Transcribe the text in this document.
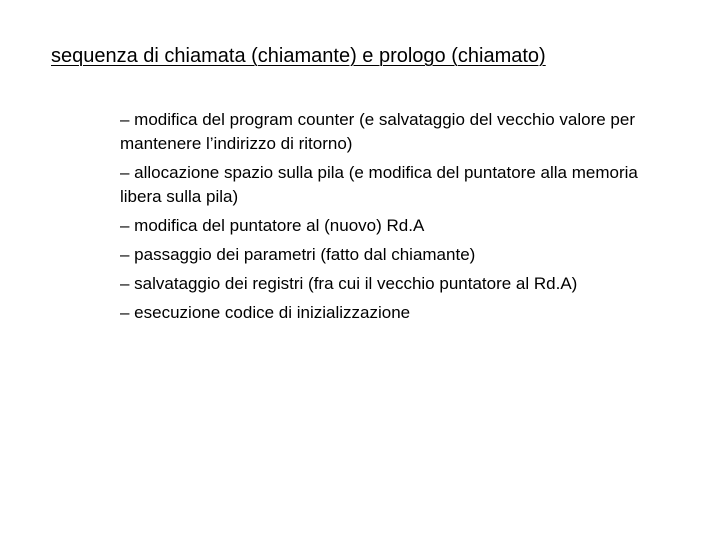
sequenza di chiamata (chiamante) e prologo (chiamato)
– modifica del program counter (e salvataggio del vecchio valore per mantenere l’indirizzo di ritorno)
– allocazione spazio sulla pila (e modifica del puntatore alla memoria libera sulla pila)
– modifica del puntatore al (nuovo) Rd.A
– passaggio dei parametri (fatto dal chiamante)
– salvataggio dei registri (fra cui il vecchio puntatore al Rd.A)
– esecuzione codice di inizializzazione
